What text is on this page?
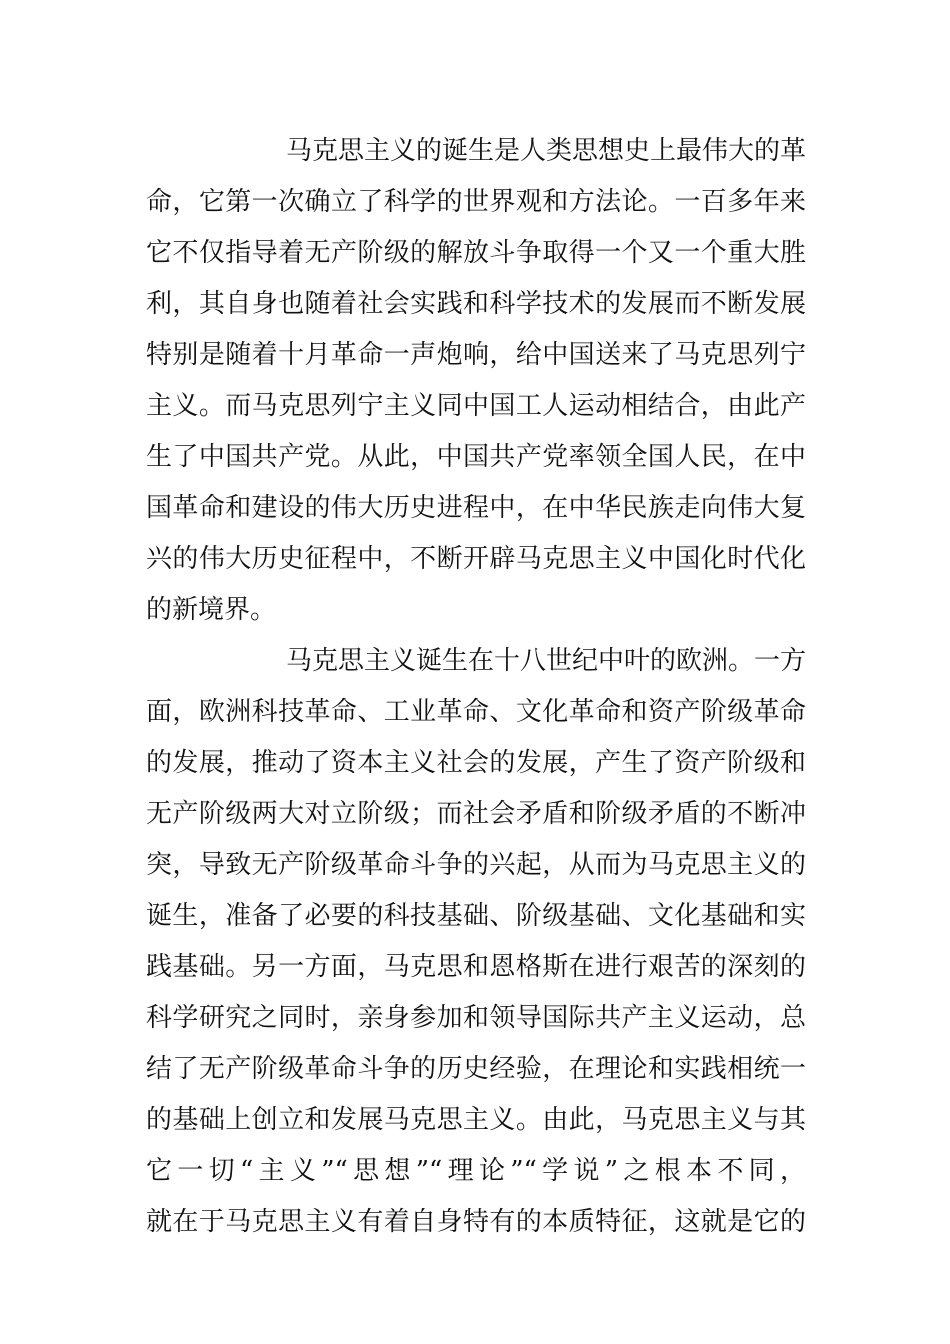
马克思主义的诞生是人类思想史上最伟大的革
命，它第一次确立了科学的世界观和方法论。一百多年来
它不仅指导着无产阶级的解放斗争取得一个又一个重大胜
利，其自身也随着社会实践和科学技术的发展而不断发展
特别是随着十月革命一声炮响，给中国送来了马克思列宁
主义。而马克思列宁主义同中国工人运动相结合，由此产
生了中国共产党。从此，中国共产党率领全国人民，在中
国革命和建设的伟大历史进程中，在中华民族走向伟大复
兴的伟大历史征程中，不断开辟马克思主义中国化时代化
的新境界。
马克思主义诞生在十八世纪中叶的欧洲。一方
面，欧洲科技革命、工业革命、文化革命和资产阶级革命
的发展，推动了资本主义社会的发展，产生了资产阶级和
无产阶级两大对立阶级；而社会矛盾和阶级矛盾的不断冲
突，导致无产阶级革命斗争的兴起，从而为马克思主义的
诞生，准备了必要的科技基础、阶级基础、文化基础和实
践基础。另一方面，马克思和恩格斯在进行艰苦的深刻的
科学研究之同时，亲身参加和领导国际共产主义运动，总
结了无产阶级革命斗争的历史经验，在理论和实践相统一
的基础上创立和发展马克思主义。由此，马克思主义与其
它一切“主义”“思想”“理论”“学说”之根本不同，
就在于马克思主义有着自身特有的本质特征，这就是它的
